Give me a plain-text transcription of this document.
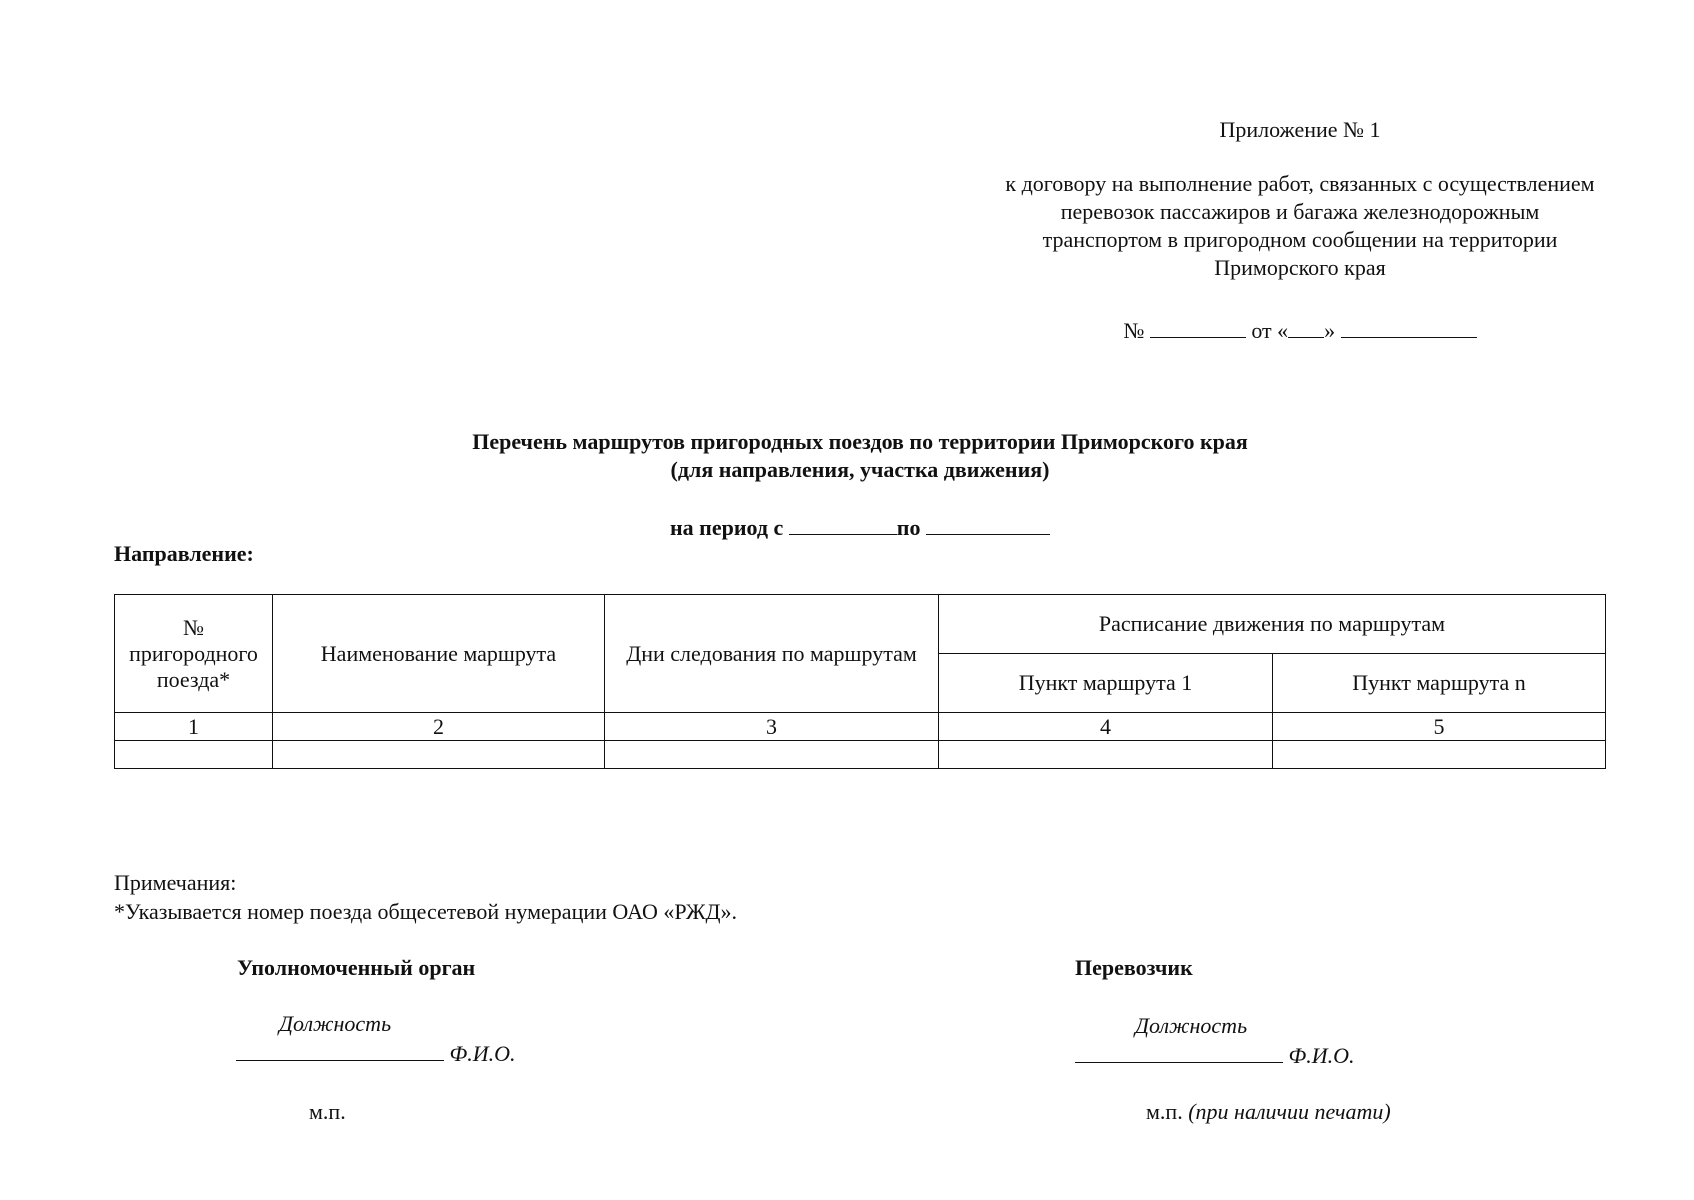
Приложение № 1
к договору на выполнение работ, связанных с осуществлением перевозок пассажиров и багажа железнодорожным транспортом в пригородном сообщении на территории Приморского края
№	от « »
Перечень маршрутов пригородных поездов по территории Приморского края
(для направления, участка движения)
на период с	по
Направление:
№ пригородного поезда*	Наименование маршрута	Дни следования по маршрутам	Расписание движения по маршрутам	
			Пункт маршрута 1	Пункт маршрута n
1	2	3	4	5

Примечания:
*Указывается номер поезда общесетевой нумерации ОАО «РЖД».
Уполномоченный орган
Должность
Ф.И.О.
м.п.
Перевозчик
Должность
Ф.И.О.
м.п. (при наличии печати)
